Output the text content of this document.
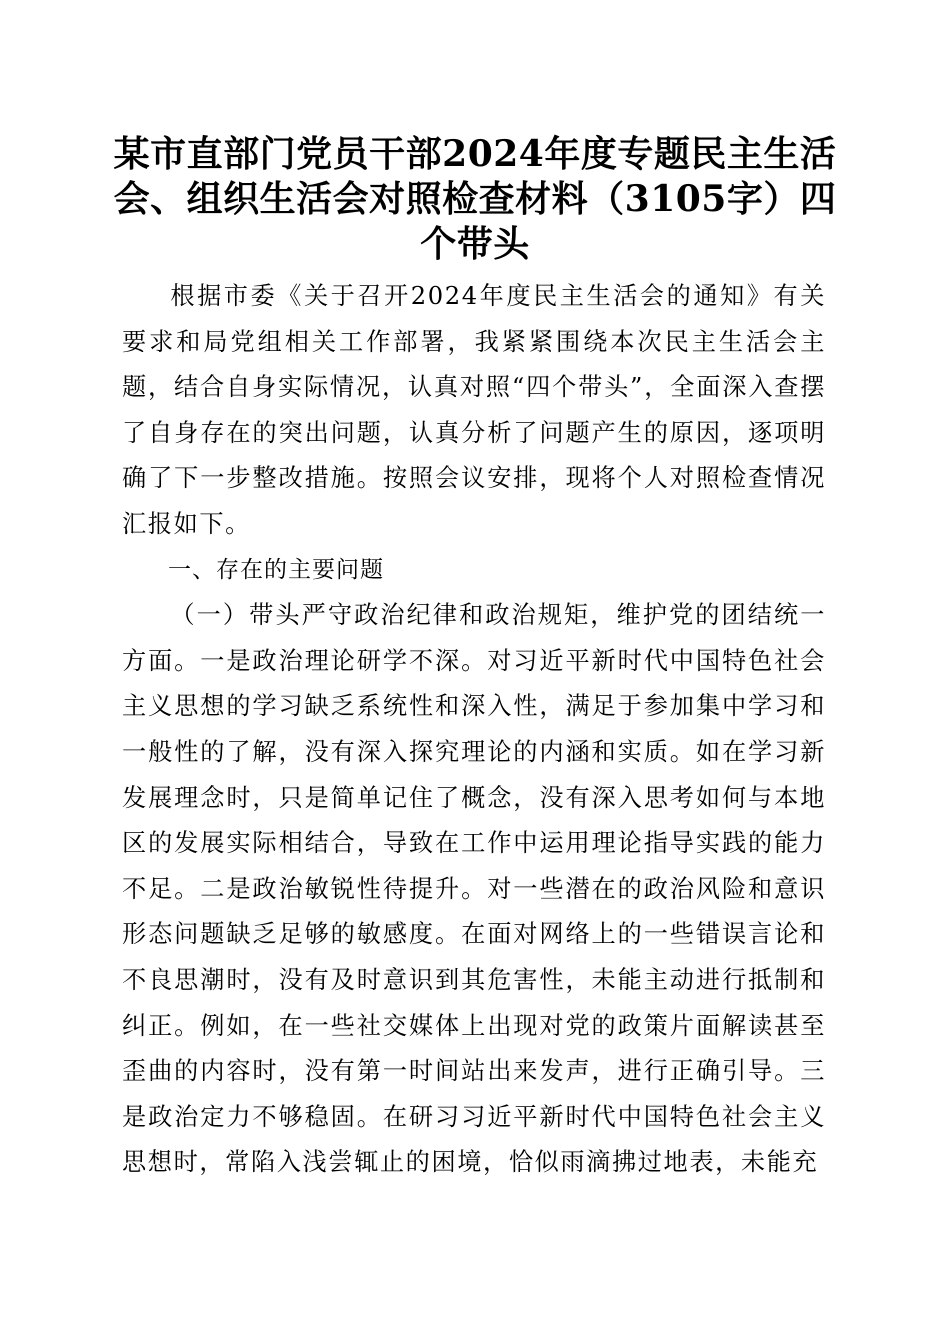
某市直部门党员干部2024年度专题民主生活会、组织生活会对照检查材料（3105字）四个带头

根据市委《关于召开2024年度民主生活会的通知》有关要求和局党组相关工作部署，我紧紧围绕本次民主生活会主题，结合自身实际情况，认真对照“四个带头”，全面深入查摆了自身存在的突出问题，认真分析了问题产生的原因，逐项明确了下一步整改措施。按照会议安排，现将个人对照检查情况汇报如下。

一、存在的主要问题

（一）带头严守政治纪律和政治规矩，维护党的团结统一方面。一是政治理论研学不深。对习近平新时代中国特色社会主义思想的学习缺乏系统性和深入性，满足于参加集中学习和一般性的了解，没有深入探究理论的内涵和实质。如在学习新发展理念时，只是简单记住了概念，没有深入思考如何与本地区的发展实际相结合，导致在工作中运用理论指导实践的能力不足。二是政治敏锐性待提升。对一些潜在的政治风险和意识形态问题缺乏足够的敏感度。在面对网络上的一些错误言论和不良思潮时，没有及时意识到其危害性，未能主动进行抵制和纠正。例如，在一些社交媒体上出现对党的政策片面解读甚至歪曲的内容时，没有第一时间站出来发声，进行正确引导。三是政治定力不够稳固。在研习习近平新时代中国特色社会主义思想时，常陷入浅尝辄止的困境，恰似雨滴拂过地表，未能充
